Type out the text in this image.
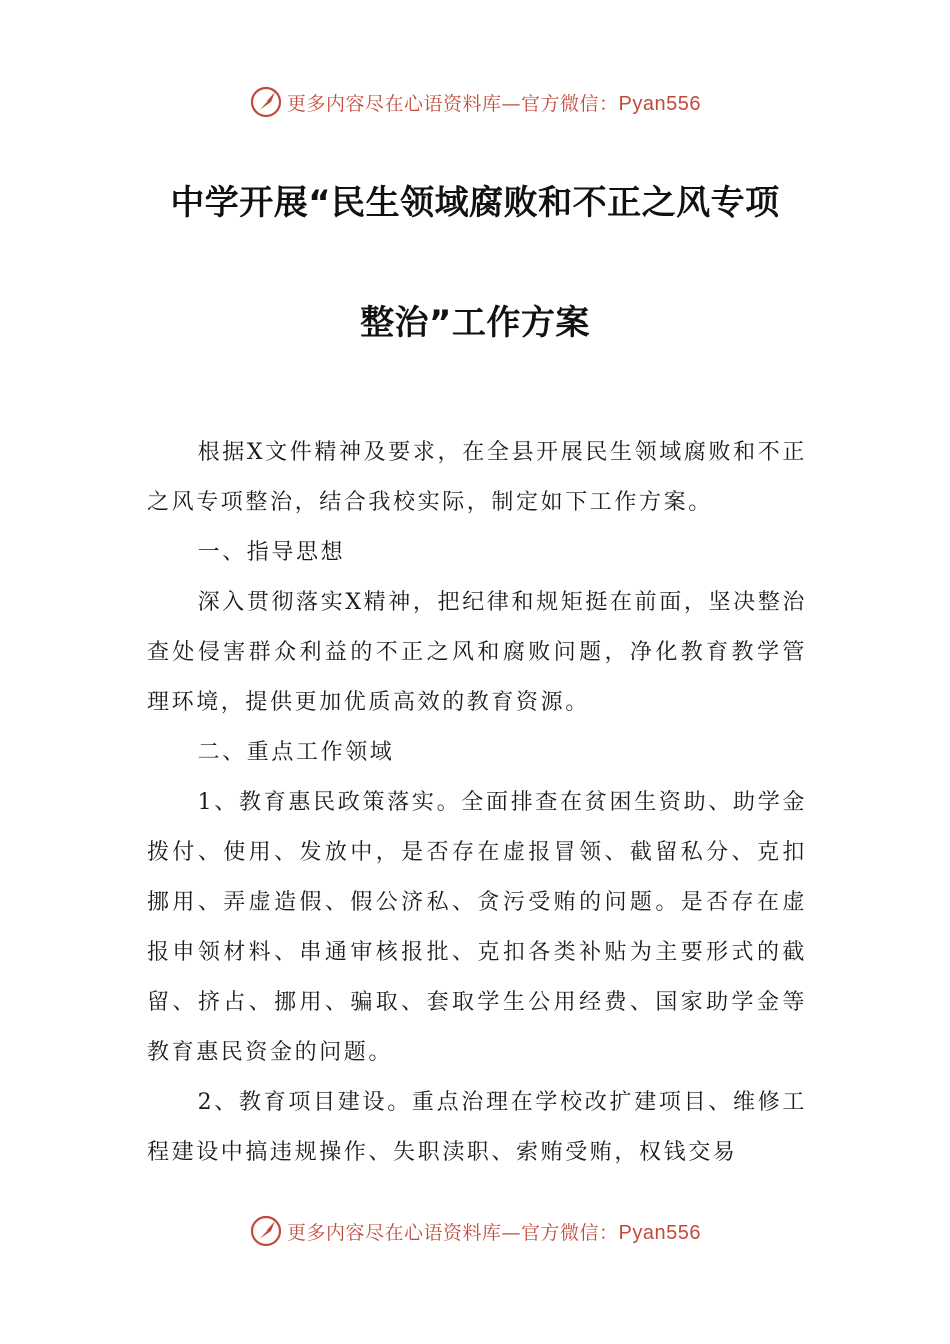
更多内容尽在心语资料库—官方微信：Pyan556
中学开展“民生领域腐败和不正之风专项
整治”工作方案

根据X文件精神及要求，在全县开展民生领域腐败和不正之风专项整治，结合我校实际，制定如下工作方案。

一、指导思想

深入贯彻落实X精神，把纪律和规矩挺在前面，坚决整治查处侵害群众利益的不正之风和腐败问题，净化教育教学管理环境，提供更加优质高效的教育资源。

二、重点工作领域

1、教育惠民政策落实。全面排查在贫困生资助、助学金拨付、使用、发放中，是否存在虚报冒领、截留私分、克扣挪用、弄虚造假、假公济私、贪污受贿的问题。是否存在虚报申领材料、串通审核报批、克扣各类补贴为主要形式的截留、挤占、挪用、骗取、套取学生公用经费、国家助学金等教育惠民资金的问题。

2、教育项目建设。重点治理在学校改扩建项目、维修工程建设中搞违规操作、失职渎职、索贿受贿，权钱交易

更多内容尽在心语资料库—官方微信：Pyan556
